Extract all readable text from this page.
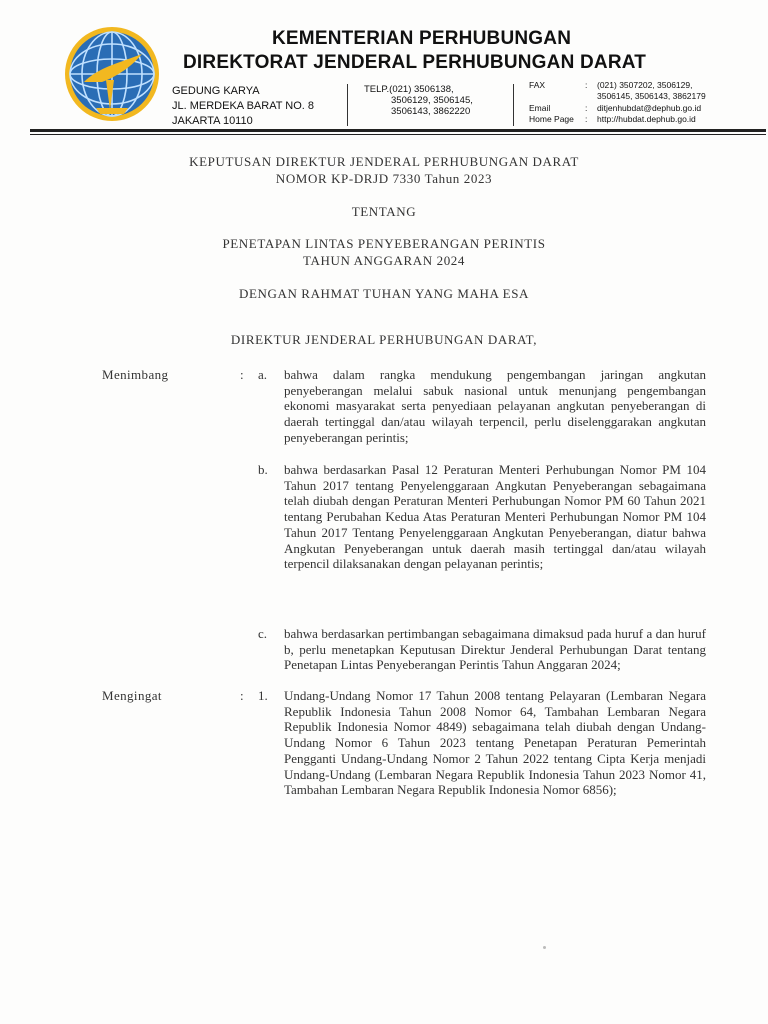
KEMENTERIAN PERHUBUNGAN
DIREKTORAT JENDERAL PERHUBUNGAN DARAT
GEDUNG KARYA
JL. MERDEKA BARAT NO. 8
JAKARTA 10110
TELP.(021) 3506138,
3506129, 3506145,
3506143, 3862220
FAX	: (021) 3507202, 3506129,
3506145, 3506143, 3862179
Email	: ditjenhubdat@dephub.go.id
Home Page : http://hubdat.dephub.go.id
KEPUTUSAN DIREKTUR JENDERAL PERHUBUNGAN DARAT
NOMOR KP-DRJD 7330 Tahun 2023
TENTANG
PENETAPAN LINTAS PENYEBERANGAN PERINTIS
TAHUN ANGGARAN 2024
DENGAN RAHMAT TUHAN YANG MAHA ESA
DIREKTUR JENDERAL PERHUBUNGAN DARAT,
Menimbang	: a. bahwa dalam rangka mendukung pengembangan jaringan angkutan penyeberangan melalui sabuk nasional untuk menunjang pengembangan ekonomi masyarakat serta penyediaan pelayanan angkutan penyeberangan di daerah tertinggal dan/atau wilayah terpencil, perlu diselenggarakan angkutan penyeberangan perintis;
b. bahwa berdasarkan Pasal 12 Peraturan Menteri Perhubungan Nomor PM 104 Tahun 2017 tentang Penyelenggaraan Angkutan Penyeberangan sebagaimana telah diubah dengan Peraturan Menteri Perhubungan Nomor PM 60 Tahun 2021 tentang Perubahan Kedua Atas Peraturan Menteri Perhubungan Nomor PM 104 Tahun 2017 Tentang Penyelenggaraan Angkutan Penyeberangan, diatur bahwa Angkutan Penyeberangan untuk daerah masih tertinggal dan/atau wilayah terpencil dilaksanakan dengan pelayanan perintis;
c. bahwa berdasarkan pertimbangan sebagaimana dimaksud pada huruf a dan huruf b, perlu menetapkan Keputusan Direktur Jenderal Perhubungan Darat tentang Penetapan Lintas Penyeberangan Perintis Tahun Anggaran 2024;
Mengingat	: 1. Undang-Undang Nomor 17 Tahun 2008 tentang Pelayaran (Lembaran Negara Republik Indonesia Tahun 2008 Nomor 64, Tambahan Lembaran Negara Republik Indonesia Nomor 4849) sebagaimana telah diubah dengan Undang-Undang Nomor 6 Tahun 2023 tentang Penetapan Peraturan Pemerintah Pengganti Undang-Undang Nomor 2 Tahun 2022 tentang Cipta Kerja menjadi Undang-Undang (Lembaran Negara Republik Indonesia Tahun 2023 Nomor 41, Tambahan Lembaran Negara Republik Indonesia Nomor 6856);
